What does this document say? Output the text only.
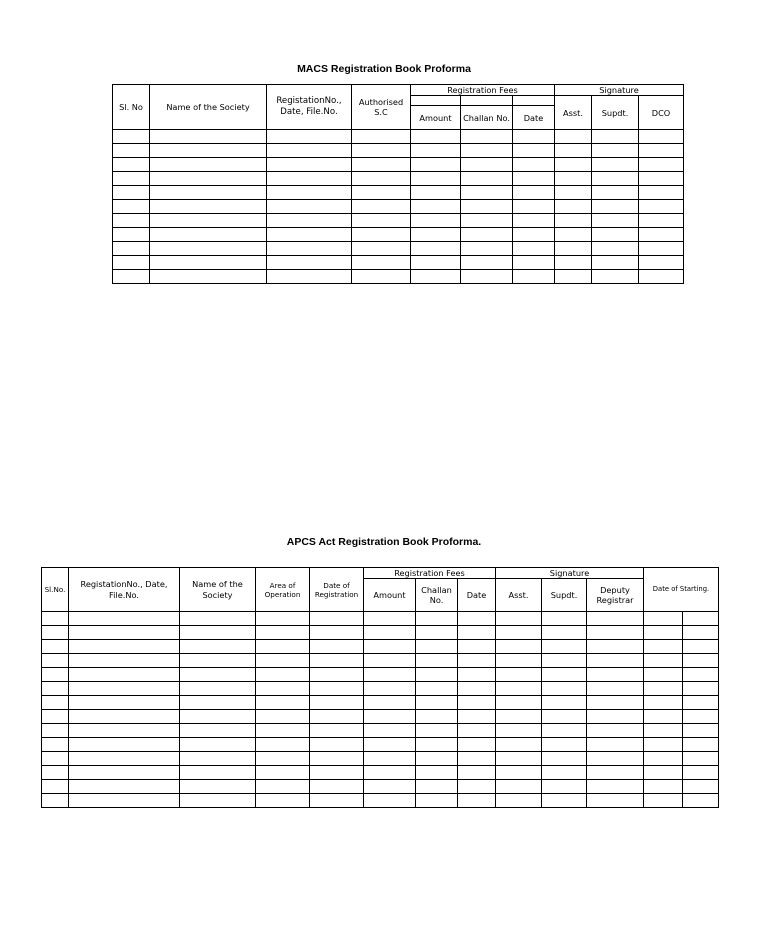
MACS Registration Book Proforma
Sl. No	Name of the Society	RegistationNo., Date, File.No.	Authorised S.C	Registration Fees			Signature		
							Asst.	Supdt.	DCO
				Amount	Challan No.	Date			

APCS Act Registration Book Proforma.
Sl.No.	RegistationNo., Date, File.No.	Name of the Society	Area of Operation	Date of Registration	Registration Fees			Signature			Date of Starting.	
					Amount	Challan No.	Date	Asst.	Supdt.	Deputy Registrar		
